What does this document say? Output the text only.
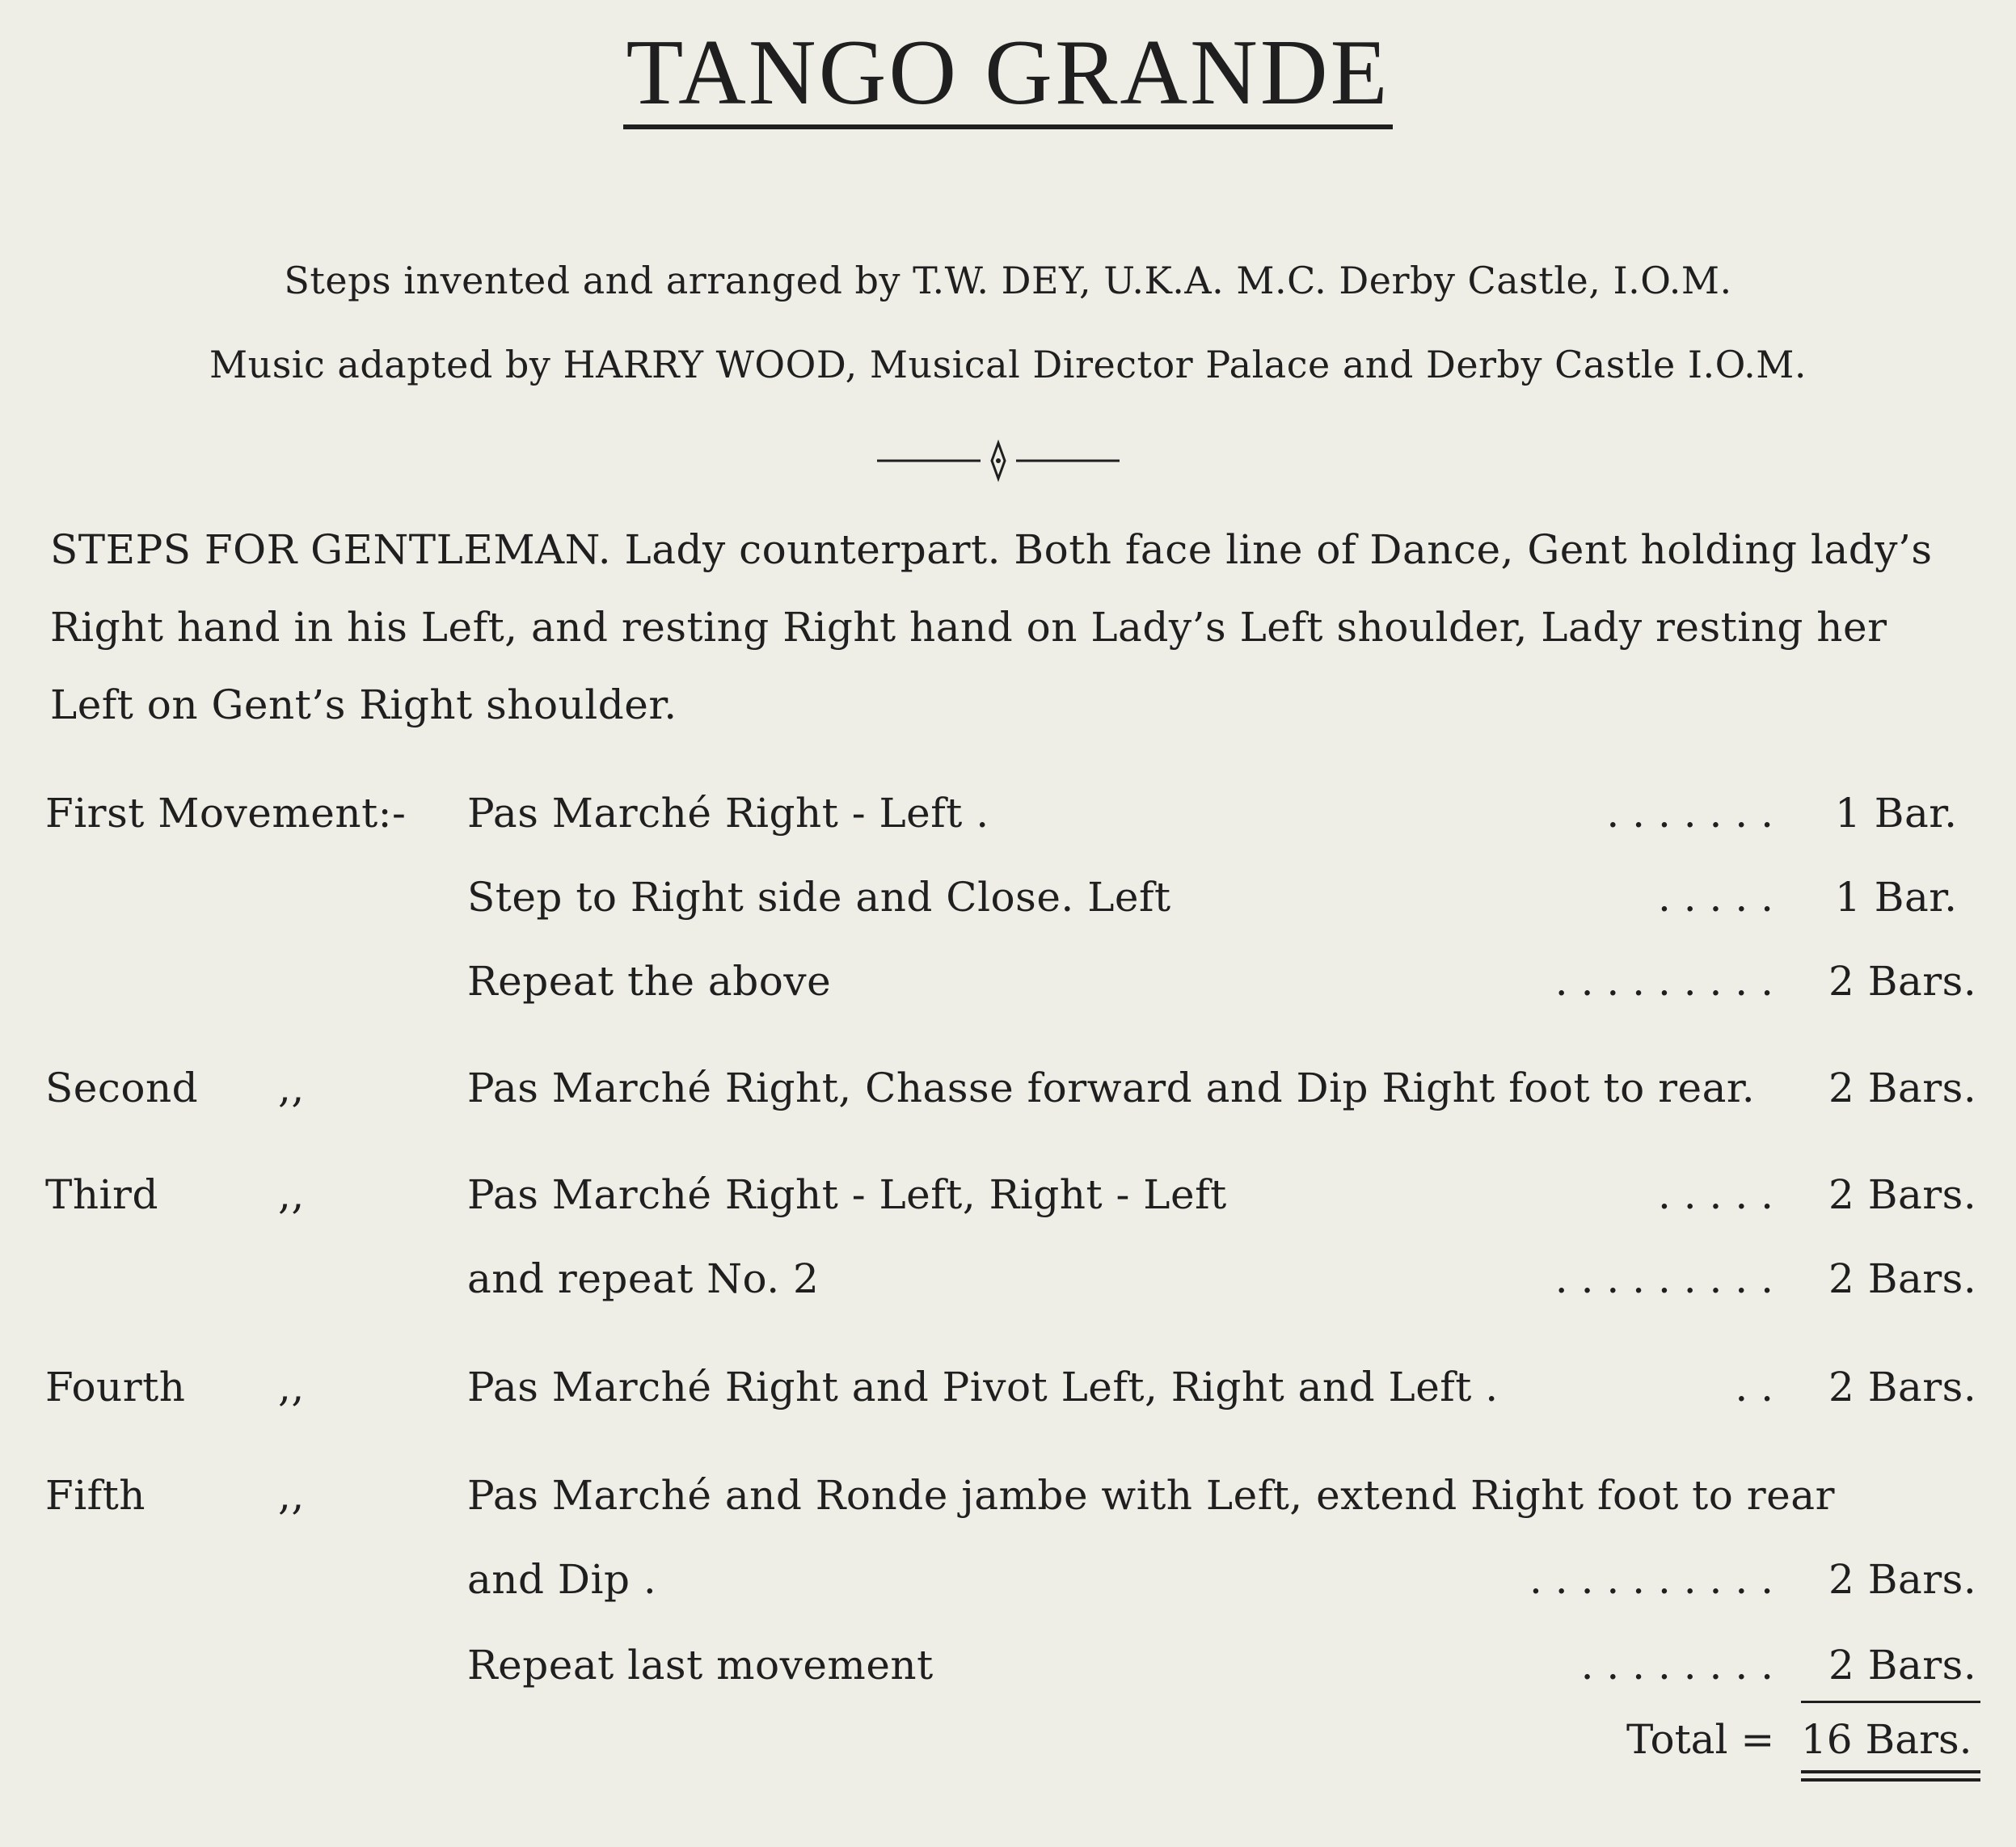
TANGO GRANDE
Steps invented and arranged by T.W. DEY, U.K.A. M.C. Derby Castle, I.O.M.
Music adapted by HARRY WOOD, Musical Director Palace and Derby Castle I.O.M.
STEPS FOR GENTLEMAN. Lady counterpart. Both face line of Dance, Gent holding lady’s Right hand in his Left, and resting Right hand on Lady’s Left shoulder, Lady resting her Left on Gent’s Right shoulder.
First Movement:- Pas Marché Right - Left .	. . . . . . . 1 Bar.
Step to Right side and Close. Left	. . . . . 1 Bar.
Repeat the above	. . . . . . . . . 2 Bars.
Second ,,	Pas Marché Right, Chasse forward and Dip Right foot to rear. 2 Bars.
Third	,,	Pas Marché Right - Left, Right - Left	. . . . . 2 Bars.
and repeat No. 2	. . . . . . . . . 2 Bars.
Fourth ,,	Pas Marché Right and Pivot Left, Right and Left .	. . 2 Bars.
Fifth	,,	Pas Marché and Ronde jambe with Left, extend Right foot to rear
and Dip .	. . . . . . . . . . 2 Bars.
Repeat last movement	. . . . . . . . 2 Bars.
Total = 16 Bars.
